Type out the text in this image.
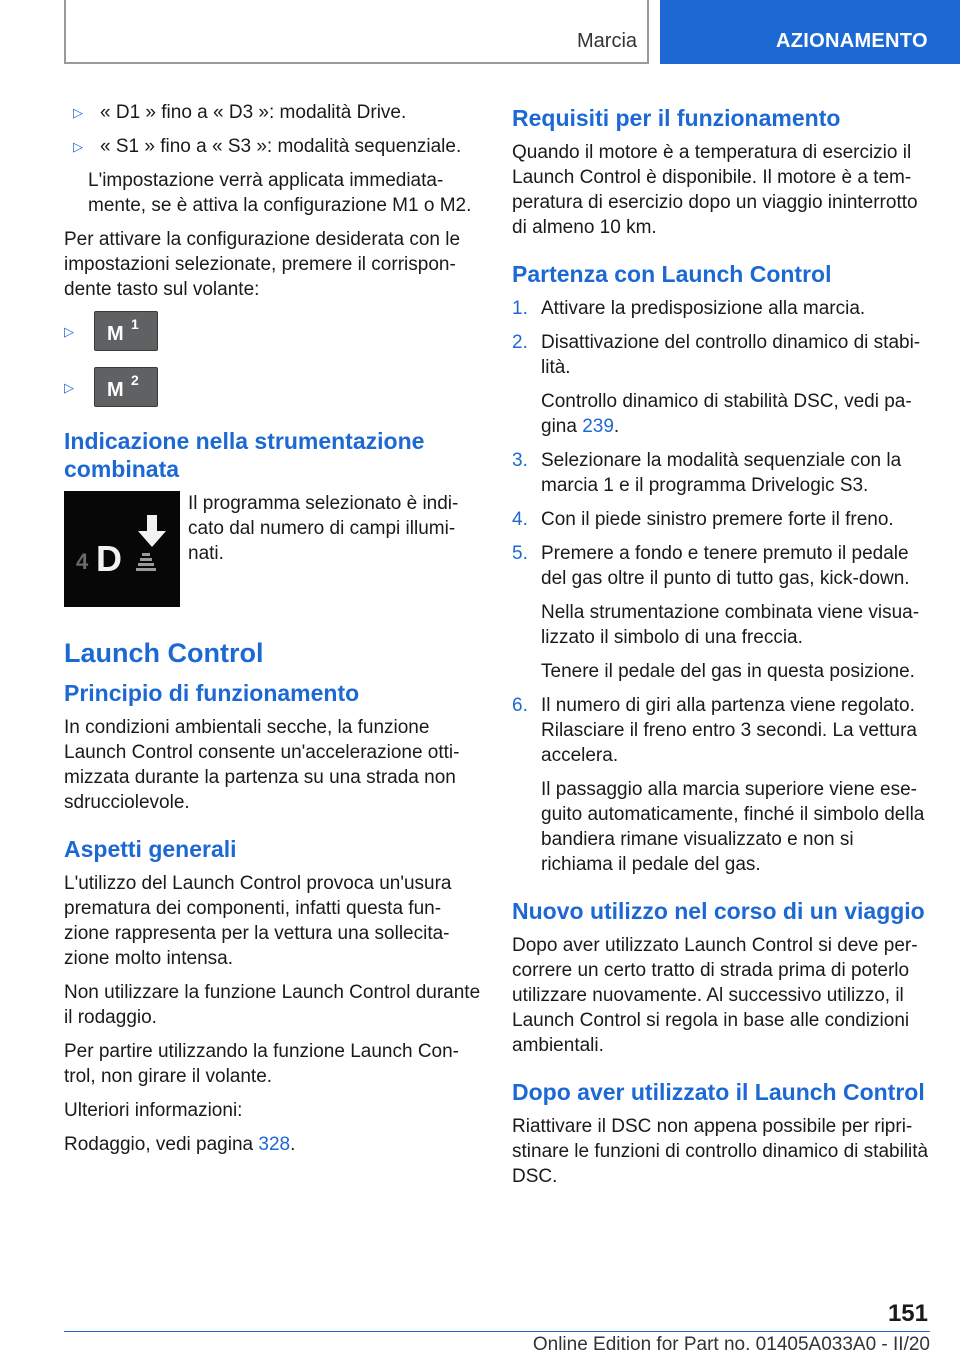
Marcia	AZIONAMENTO
▷ « D1 » fino a « D3 »: modalità Drive.
▷ « S1 » fino a « S3 »: modalità sequenziale.

L'impostazione verrà applicata immediata-mente, se è attiva la configurazione M1 o M2.

Per attivare la configurazione desiderata con le impostazioni selezionate, premere il corrispon-dente tasto sul volante:

▷	M 1
▷	M 2
Indicazione nella strumentazione combinata
4 D
Il programma selezionato è indi-cato dal numero di campi illumi-nati.
Launch Control
Principio di funzionamento

In condizioni ambientali secche, la funzione Launch Control consente un'accelerazione otti-mizzata durante la partenza su una strada non sdrucciolevole.

Aspetti generali

L'utilizzo del Launch Control provoca un'usura prematura dei componenti, infatti questa fun-zione rappresenta per la vettura una sollecita-zione molto intensa.

Non utilizzare la funzione Launch Control durante il rodaggio.

Per partire utilizzando la funzione Launch Con-trol, non girare il volante.

Ulteriori informazioni:

Rodaggio, vedi pagina 328.

Requisiti per il funzionamento

Quando il motore è a temperatura di esercizio il Launch Control è disponibile. Il motore è a tem-peratura di esercizio dopo un viaggio ininterrotto di almeno 10 km.

Partenza con Launch Control
1. Attivare la predisposizione alla marcia.
2. Disattivazione del controllo dinamico di stabi-lità.
Controllo dinamico di stabilità DSC, vedi pa-gina 239.
3. Selezionare la modalità sequenziale con la marcia 1 e il programma Drivelogic S3.
4. Con il piede sinistro premere forte il freno.
5. Premere a fondo e tenere premuto il pedale del gas oltre il punto di tutto gas, kick-down.
Nella strumentazione combinata viene visua-lizzato il simbolo di una freccia.
Tenere il pedale del gas in questa posizione.
6. Il numero di giri alla partenza viene regolato. Rilasciare il freno entro 3 secondi. La vettura accelera.
Il passaggio alla marcia superiore viene ese-guito automaticamente, finché il simbolo della bandiera rimane visualizzato e non si richiama il pedale del gas.
Nuovo utilizzo nel corso di un viaggio

Dopo aver utilizzato Launch Control si deve per-correre un certo tratto di strada prima di poterlo utilizzare nuovamente. Al successivo utilizzo, il Launch Control si regola in base alle condizioni ambientali.

Dopo aver utilizzato il Launch Control

Riattivare il DSC non appena possibile per ripri-stinare le funzioni di controllo dinamico di stabilità DSC.

151
Online Edition for Part no. 01405A033A0 - II/20
